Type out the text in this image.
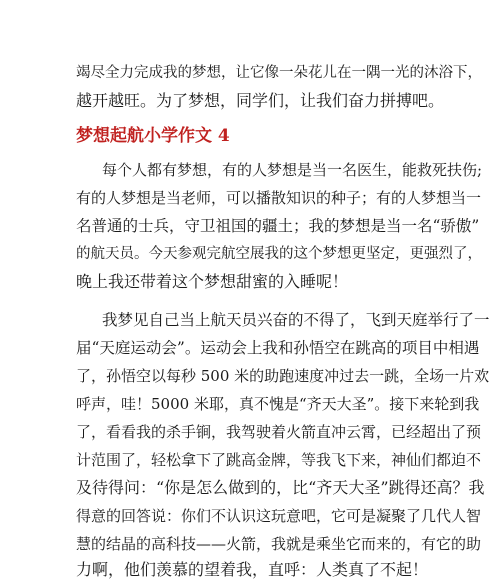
竭尽全力完成我的梦想，让它像一朵花儿在一隅一光的沐浴下，
越开越旺。为了梦想，同学们，让我们奋力拼搏吧。
梦想起航小学作文 4
每个人都有梦想，有的人梦想是当一名医生，能救死扶伤;
有的人梦想是当老师，可以播散知识的种子；有的人梦想当一
名普通的士兵，守卫祖国的疆土；我的梦想是当一名“骄傲”
的航天员。今天参观完航空展我的这个梦想更坚定，更强烈了，
晚上我还带着这个梦想甜蜜的入睡呢！
我梦见自己当上航天员兴奋的不得了，飞到天庭举行了一
届“天庭运动会”。运动会上我和孙悟空在跳高的项目中相遇
了，孙悟空以每秒 500 米的助跑速度冲过去一跳，全场一片欢
呼声，哇！5000 米耶，真不愧是“齐天大圣”。接下来轮到我
了，看看我的杀手锏，我驾驶着火箭直冲云霄，已经超出了预
计范围了，轻松拿下了跳高金牌，等我飞下来，神仙们都迫不
及待得问：“你是怎么做到的，比“齐天大圣”跳得还高？我
得意的回答说：你们不认识这玩意吧，它可是凝聚了几代人智
慧的结晶的高科技——火箭，我就是乘坐它而来的，有它的助
力啊，他们羡慕的望着我，直呼：人类真了不起！
